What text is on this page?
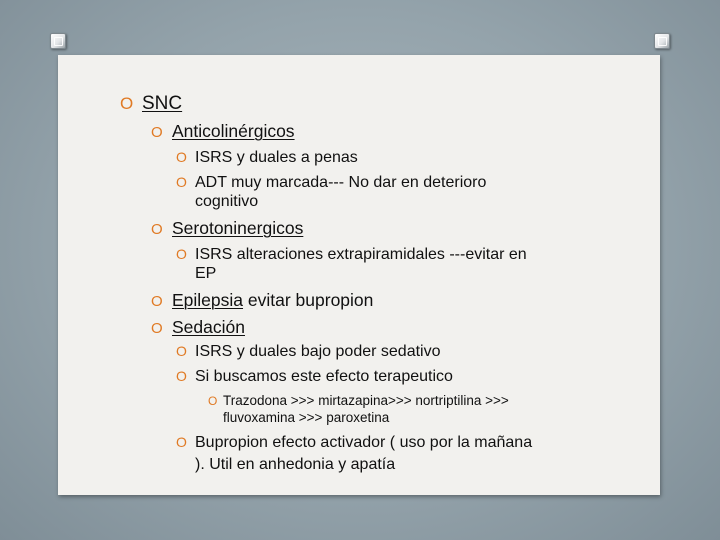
O SNC
O Anticolinérgicos
O ISRS y duales a penas
O ADT muy marcada--- No dar en deterioro
cognitivo
O Serotoninergicos
O ISRS alteraciones extrapiramidales ---evitar en
EP
O Epilepsia evitar bupropion
O Sedación
O ISRS y duales bajo poder sedativo
O Si buscamos este efecto terapeutico
O Trazodona >>> mirtazapina>>> nortriptilina >>>
fluvoxamina >>> paroxetina
O Bupropion efecto activador ( uso por la mañana
). Util en anhedonia y apatía
